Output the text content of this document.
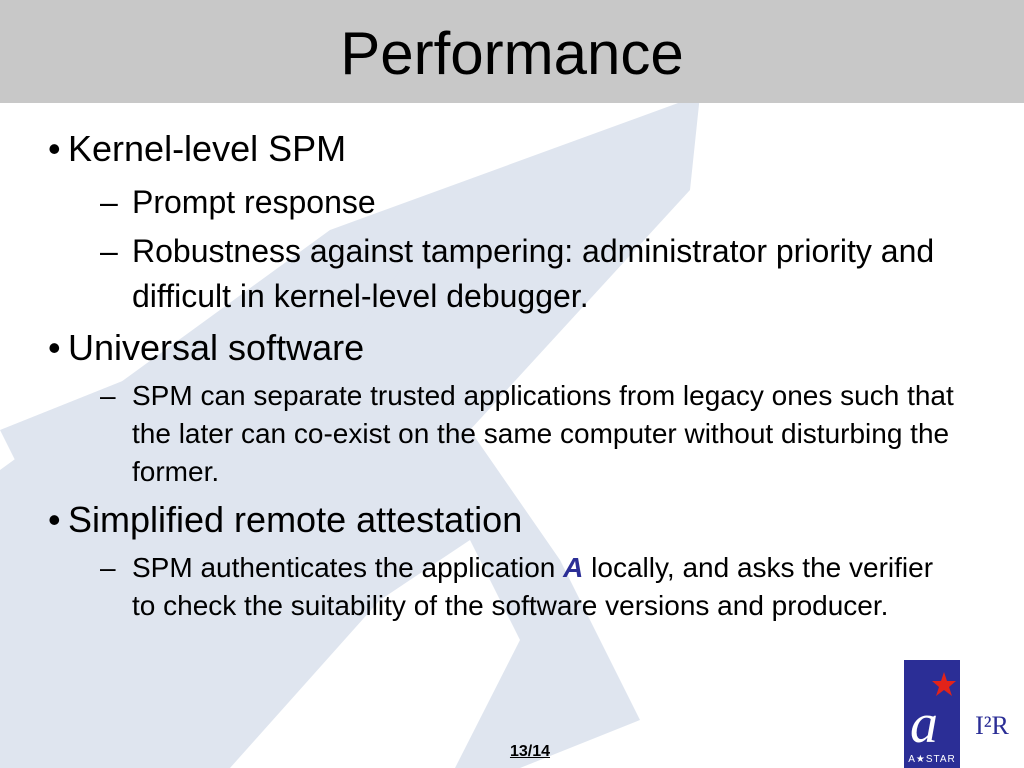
Performance
• Kernel-level SPM
– Prompt response
– Robustness against tampering: administrator priority and difficult in kernel-level debugger.
• Universal software
– SPM can separate trusted applications from legacy ones such that the later can co-exist on the same computer without disturbing the former.
• Simplified remote attestation
– SPM authenticates the application A locally, and asks the verifier to check the suitability of the software versions and producer.
a
A★STAR
I²R
13/14
